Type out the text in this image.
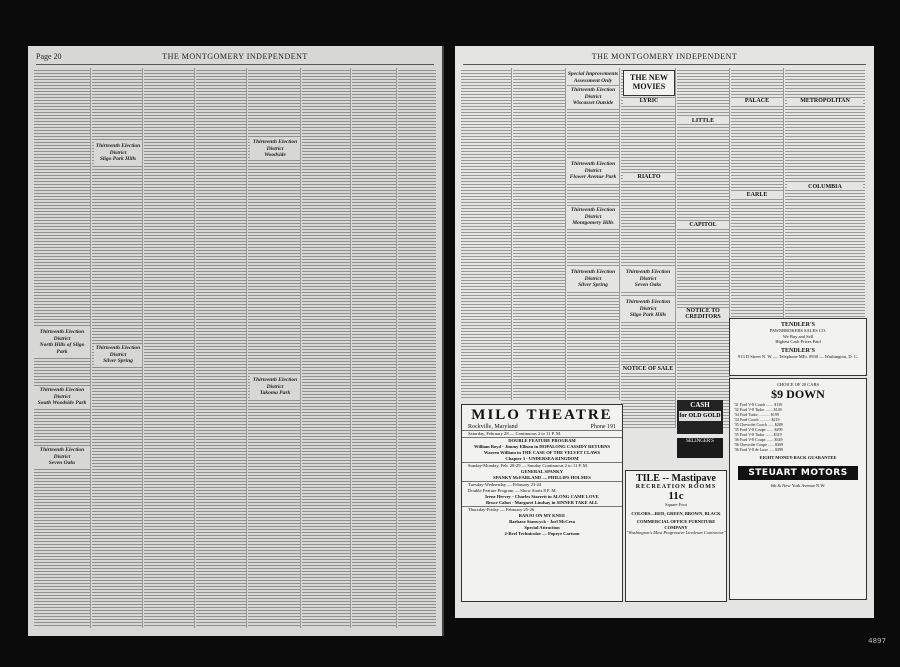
Page 20	THE MONTGOMERY INDEPENDENT
Thirteenth Election District
Sligo Park Hills
Thirteenth Election District
Woodside
Thirteenth Election District
North Hills of Sligo Park
Thirteenth Election District
Silver Spring
Thirteenth Election District
Takoma Park
Thirteenth Election District
South Woodside Park
Thirteenth Election District
Seven Oaks
THE MONTGOMERY INDEPENDENT
Special Improvements
Assessment Only
Thirteenth Election District
Wiscasset Outside
Thirteenth Election District
Flower Avenue Park
Thirteenth Election District
Montgomery Hills
Thirteenth Election District
Seven Oaks
Thirteenth Election District
Silver Spring
Thirteenth Election District
Sligo Park Hills
THE NEW
MOVIES
LYRIC
LITTLE
RIALTO
CAPITOL
PALACE	METROPOLITAN
COLUMBIA
EARLE
NOTICE TO CREDITORS
NOTICE OF SALE
TENDLER'S
PAWNBROKERS SALES CO.
We Buy and Sell
Highest Cash Prices Paid
TENDLER'S
913 D Street N. W. — Telephone MEt. 0930 — Washington, D. C.
CHOICE OF 20 CARS
$9 DOWN
'31 Ford V-8 Coach ....... $139
'32 Ford V-8 Tudor ....... $149
'34 Ford Tudor ........... $199
'34 Ford Coach ........... $219
'35 Chevrolet Coach ...... $289
'35 Ford V-8 Coupe ....... $299
'35 Ford V-8 Tudor ....... $319
'36 Ford V-8 Coupe ....... $349
'36 Chevrolet Coupe ...... $369
'36 Ford V-8 de Luxe ..... $399
EIGHT MONEY-BACK GUARANTEE
STEUART MOTORS
6th & New York Avenue N.W.
MILO THEATRE
Rockville, Maryland	Phone 191
Saturday, February 28 — Continuous 2 to 11 P. M.
DOUBLE FEATURE PROGRAM
William Boyd - Jimmy Ellison in HOPALONG CASSIDY RETURNS
Warren William in THE CASE OF THE VELVET CLAWS
Chapter 3 - UNDERSEA KINGDOM
Sunday-Monday, Feb. 28-29 — Sunday Continuous 2 to 11 P. M.
GENERAL SPANKY
SPANKY McFARLAND — PHILLIPS HOLMES
Tuesday-Wednesday — February 23-24
Double Feature Program — Show Starts 8 P. M.
Irene Hervey - Charles Starrett in ALONG CAME LOVE
Bruce Cabot - Margaret Lindsay in SINNER TAKE ALL
Thursday-Friday — February 25-26
BANJO ON MY KNEE
Barbara Stanwyck - Joel McCrea
Special Attraction
2-Reel Technicolor — Popeye Cartoon
CASH
for OLD GOLD
SELINGER'S
TILE -- Mastipave
RECREATION ROOMS
11c
Square Foot
COLORS—RED, GREEN, BROWN, BLACK
COMMERCIAL OFFICE FURNITURE COMPANY
"Washington's Most Progressive Linoleum Contractor"
4897
